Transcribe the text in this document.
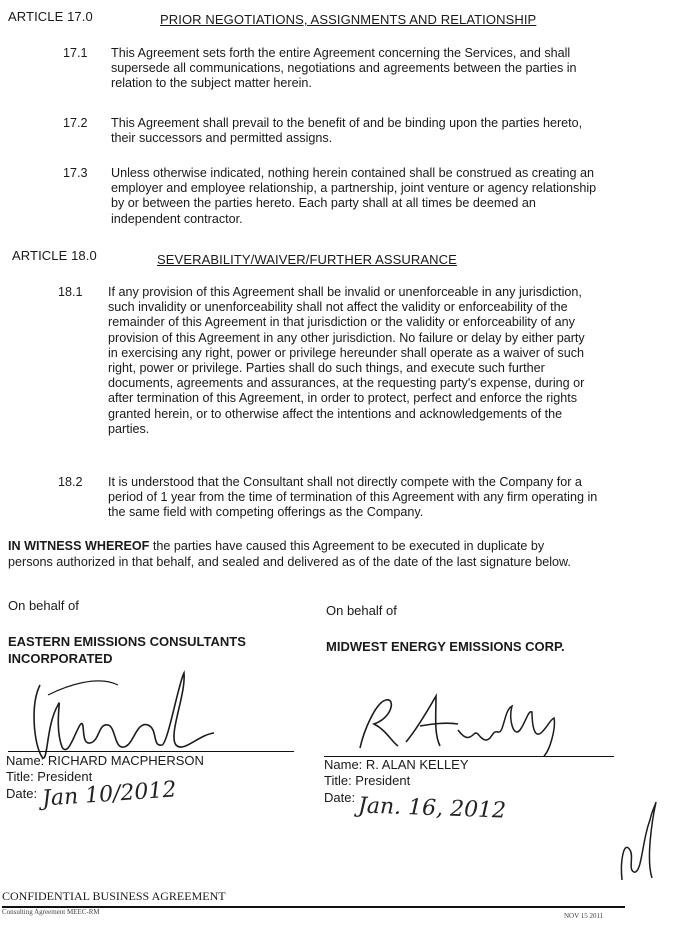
ARTICLE 17.0	PRIOR NEGOTIATIONS, ASSIGNMENTS AND RELATIONSHIP
17.1 This Agreement sets forth the entire Agreement concerning the Services, and shall
supersede all communications, negotiations and agreements between the parties in
relation to the subject matter herein.
17.2 This Agreement shall prevail to the benefit of and be binding upon the parties hereto,
their successors and permitted assigns.
17.3 Unless otherwise indicated, nothing herein contained shall be construed as creating an
employer and employee relationship, a partnership, joint venture or agency relationship
by or between the parties hereto. Each party shall at all times be deemed an
independent contractor.
ARTICLE 18.0	SEVERABILITY/WAIVER/FURTHER ASSURANCE
18.1 If any provision of this Agreement shall be invalid or unenforceable in any jurisdiction,
such invalidity or unenforceability shall not affect the validity or enforceability of the
remainder of this Agreement in that jurisdiction or the validity or enforceability of any
provision of this Agreement in any other jurisdiction. No failure or delay by either party
in exercising any right, power or privilege hereunder shall operate as a waiver of such
right, power or privilege. Parties shall do such things, and execute such further
documents, agreements and assurances, at the requesting party's expense, during or
after termination of this Agreement, in order to protect, perfect and enforce the rights
granted herein, or to otherwise affect the intentions and acknowledgements of the
parties.
18.2 It is understood that the Consultant shall not directly compete with the Company for a
period of 1 year from the time of termination of this Agreement with any firm operating in
the same field with competing offerings as the Company.
IN WITNESS WHEREOF the parties have caused this Agreement to be executed in duplicate by
persons authorized in that behalf, and sealed and delivered as of the date of the last signature below.
On behalf of
EASTERN EMISSIONS CONSULTANTS
INCORPORATED
Name: RICHARD MACPHERSON
Title: President
Date: Jan 10/2012
On behalf of
MIDWEST ENERGY EMISSIONS CORP.
Name: R. ALAN KELLEY
Title: President
Date: Jan. 16, 2012
CONFIDENTIAL BUSINESS AGREEMENT
Consulting Agreement MEEC-RM	NOV 15 2011
